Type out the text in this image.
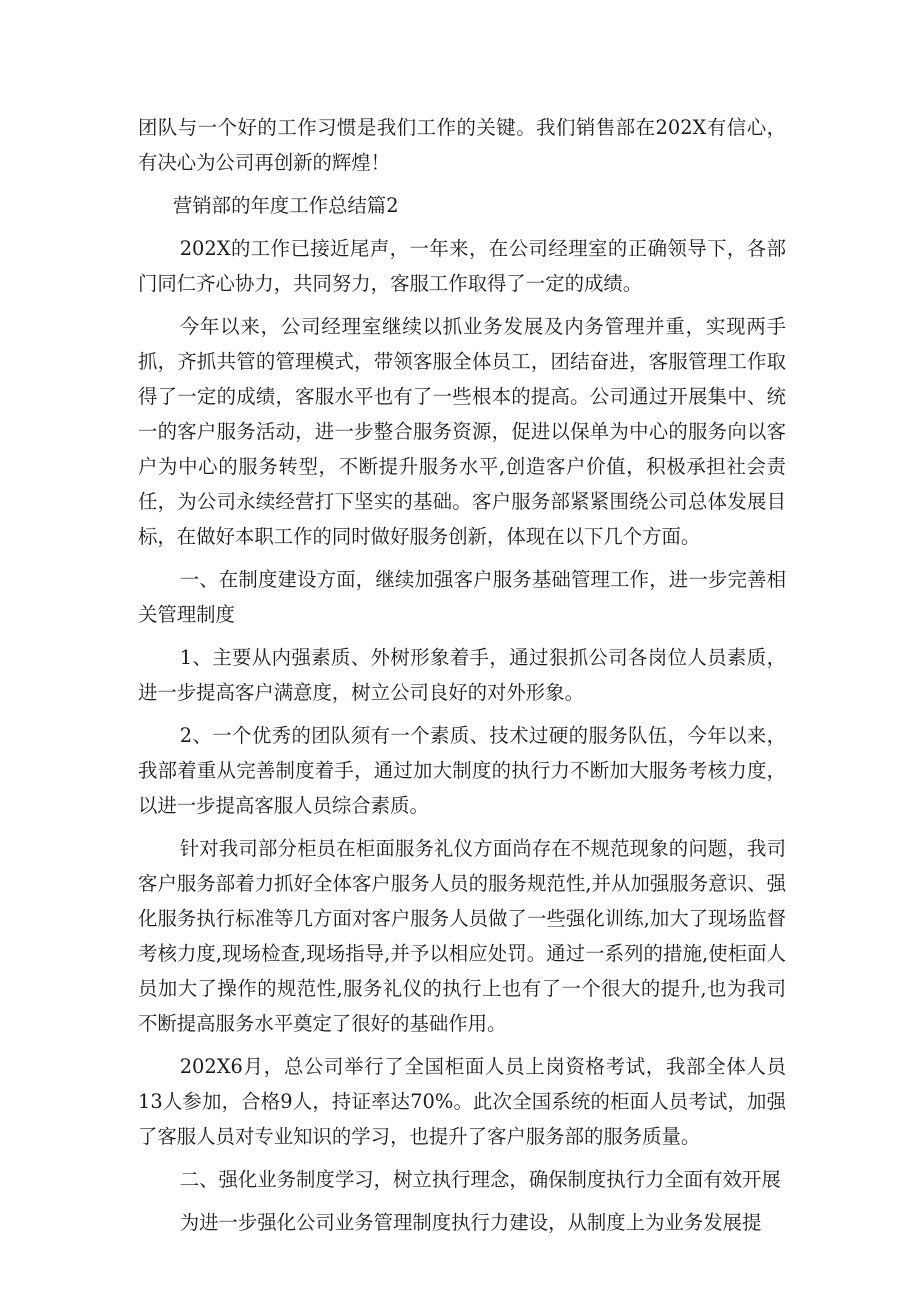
团队与一个好的工作习惯是我们工作的关键。我们销售部在202X有信心，有决心为公司再创新的辉煌！

营销部的年度工作总结篇2

202X的工作已接近尾声，一年来，在公司经理室的正确领导下，各部门同仁齐心协力，共同努力，客服工作取得了一定的成绩。

今年以来，公司经理室继续以抓业务发展及内务管理并重，实现两手抓，齐抓共管的管理模式，带领客服全体员工，团结奋进，客服管理工作取得了一定的成绩，客服水平也有了一些根本的提高。公司通过开展集中、统一的客户服务活动，进一步整合服务资源，促进以保单为中心的服务向以客户为中心的服务转型，不断提升服务水平,创造客户价值，积极承担社会责任，为公司永续经营打下坚实的基础。客户服务部紧紧围绕公司总体发展目标，在做好本职工作的同时做好服务创新，体现在以下几个方面。

一、在制度建设方面，继续加强客户服务基础管理工作，进一步完善相关管理制度

1、主要从内强素质、外树形象着手，通过狠抓公司各岗位人员素质，进一步提高客户满意度，树立公司良好的对外形象。

2、一个优秀的团队须有一个素质、技术过硬的服务队伍，今年以来，我部着重从完善制度着手，通过加大制度的执行力不断加大服务考核力度，以进一步提高客服人员综合素质。

针对我司部分柜员在柜面服务礼仪方面尚存在不规范现象的问题，我司客户服务部着力抓好全体客户服务人员的服务规范性,并从加强服务意识、强化服务执行标准等几方面对客户服务人员做了一些强化训练,加大了现场监督考核力度,现场检查,现场指导,并予以相应处罚。通过一系列的措施,使柜面人员加大了操作的规范性,服务礼仪的执行上也有了一个很大的提升,也为我司不断提高服务水平奠定了很好的基础作用。

202X6月，总公司举行了全国柜面人员上岗资格考试，我部全体人员13人参加，合格9人，持证率达70%。此次全国系统的柜面人员考试，加强了客服人员对专业知识的学习，也提升了客户服务部的服务质量。

二、强化业务制度学习，树立执行理念，确保制度执行力全面有效开展

为进一步强化公司业务管理制度执行力建设，从制度上为业务发展提
